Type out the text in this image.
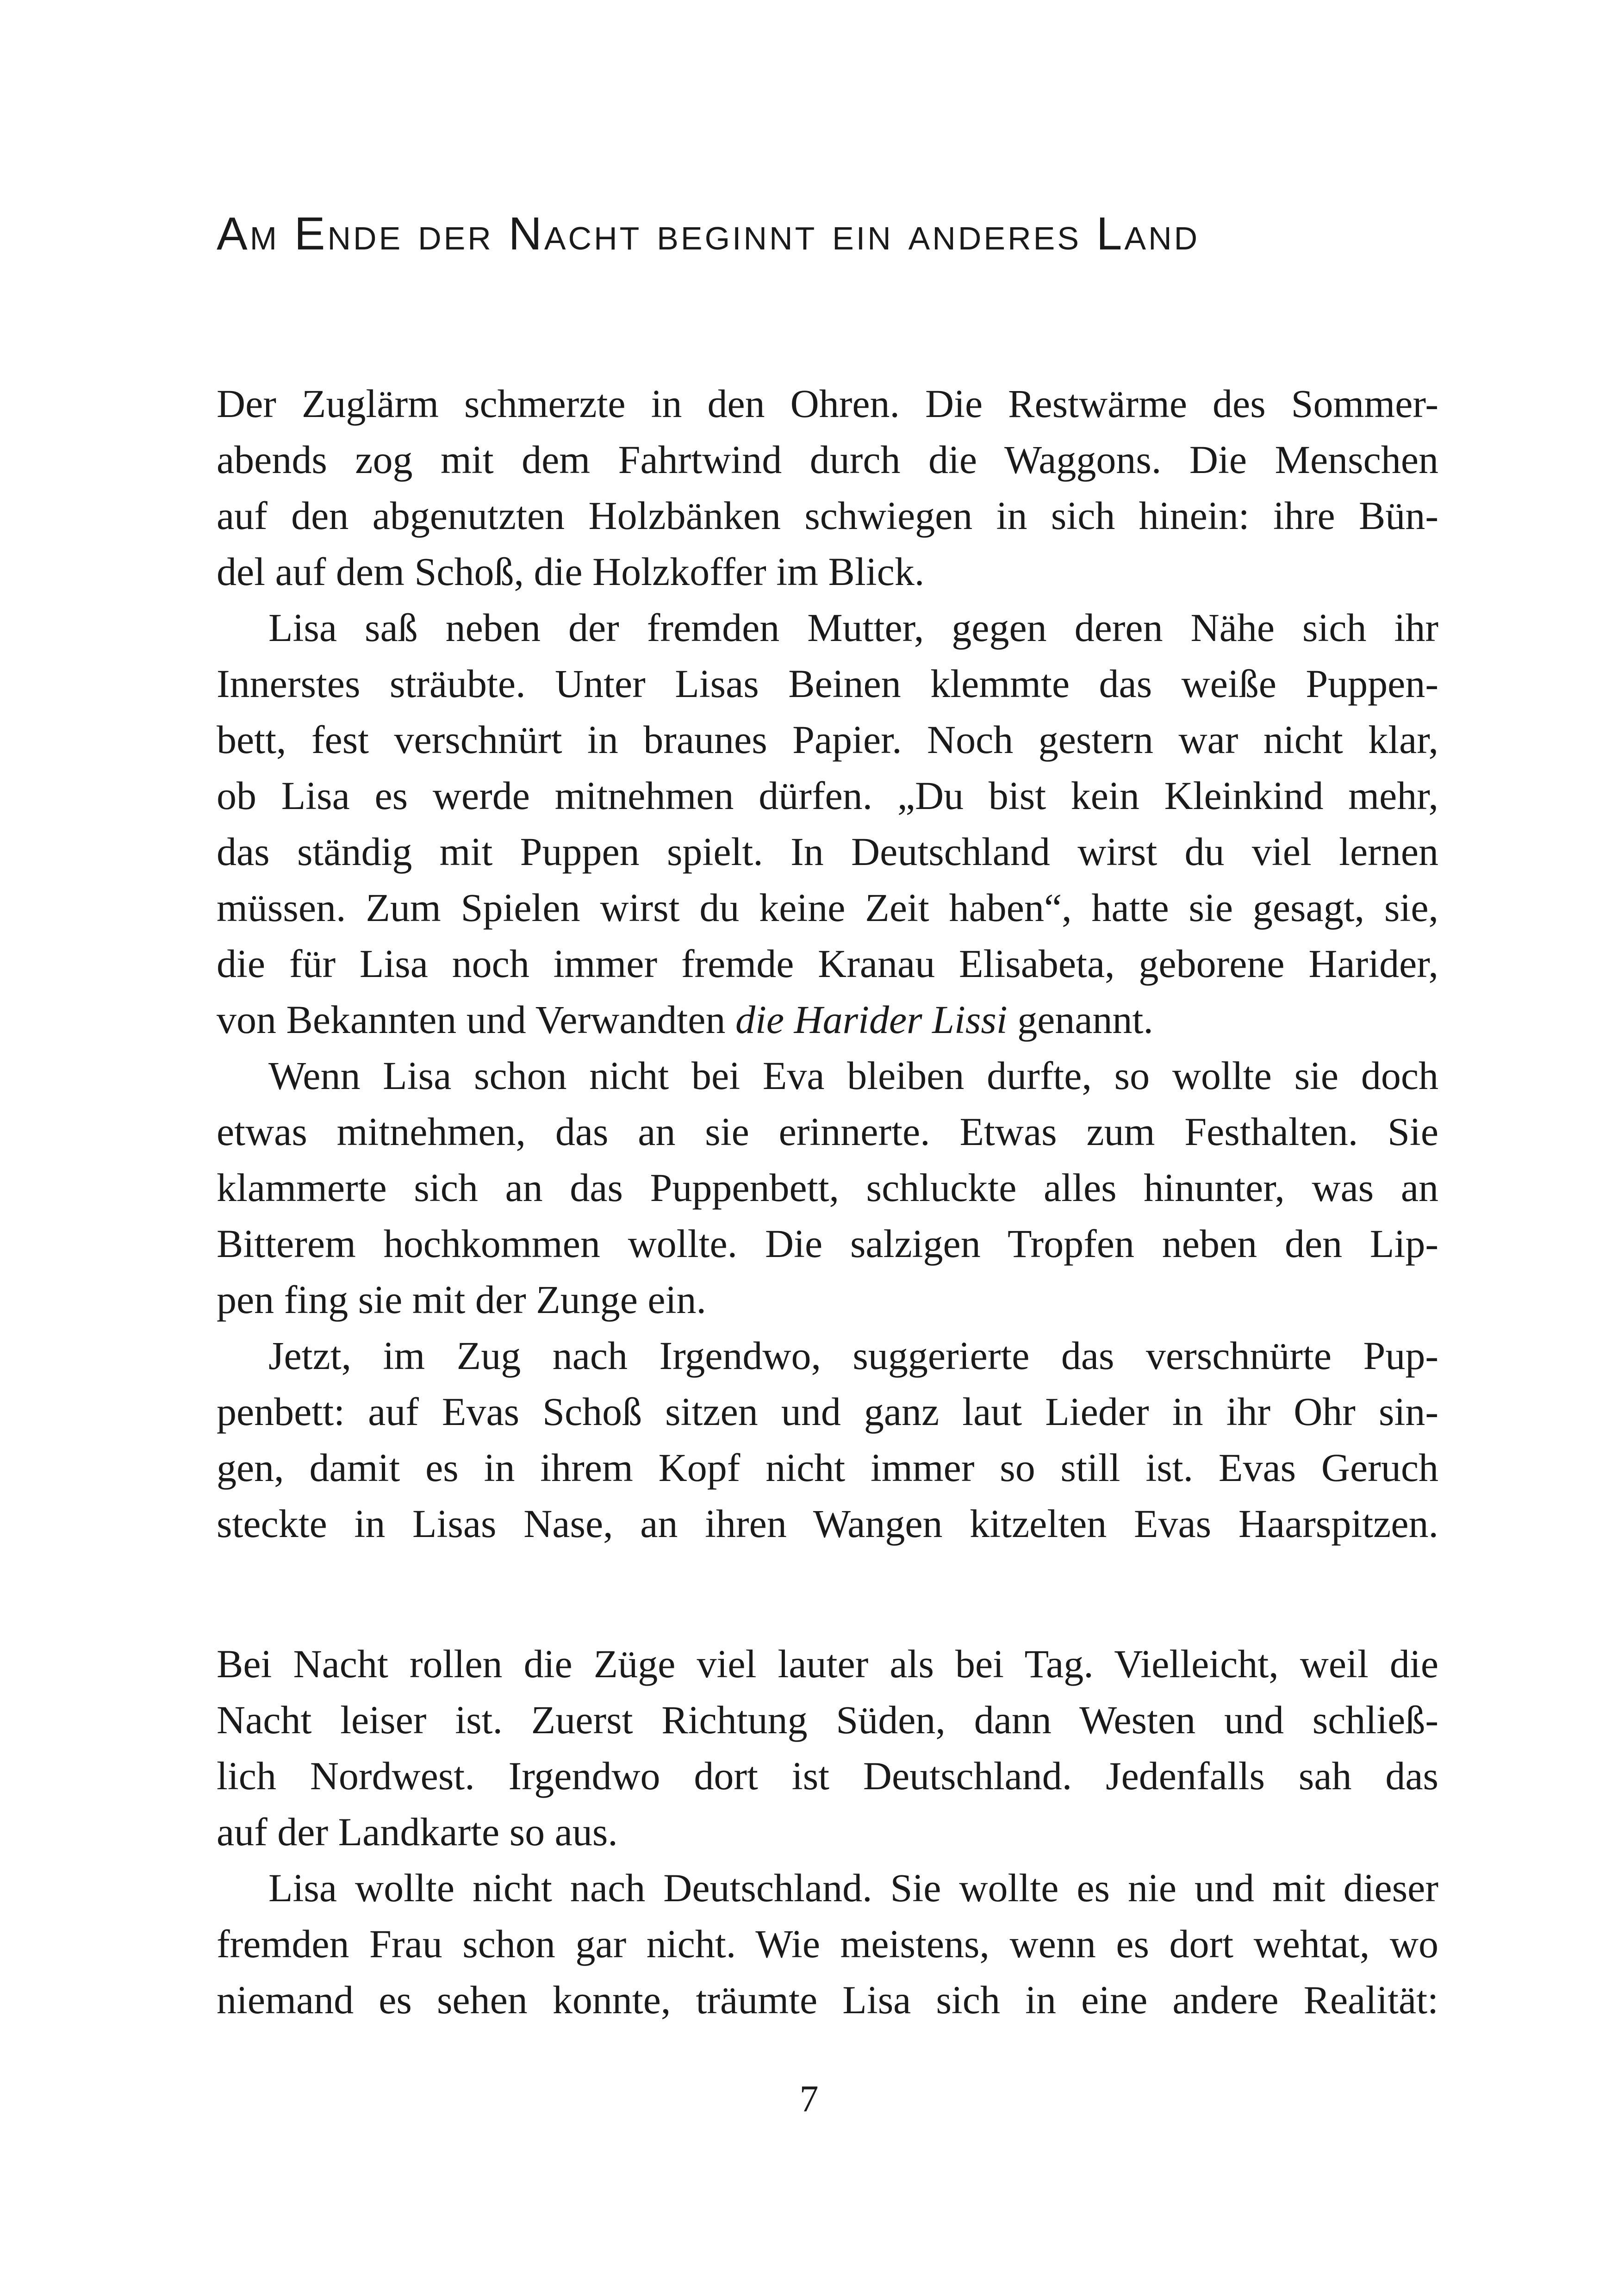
Am Ende der Nacht beginnt ein anderes Land
Der Zuglärm schmerzte in den Ohren. Die Restwärme des Sommer-
abends zog mit dem Fahrtwind durch die Waggons. Die Menschen
auf den abgenutzten Holzbänken schwiegen in sich hinein: ihre Bün-
del auf dem Schoß, die Holzkoffer im Blick.
Lisa saß neben der fremden Mutter, gegen deren Nähe sich ihr
Innerstes sträubte. Unter Lisas Beinen klemmte das weiße Puppen-
bett, fest verschnürt in braunes Papier. Noch gestern war nicht klar,
ob Lisa es werde mitnehmen dürfen. „Du bist kein Kleinkind mehr,
das ständig mit Puppen spielt. In Deutschland wirst du viel lernen
müssen. Zum Spielen wirst du keine Zeit haben“, hatte sie gesagt, sie,
die für Lisa noch immer fremde Kranau Elisabeta, geborene Harider,
von Bekannten und Verwandten die Harider Lissi genannt.
Wenn Lisa schon nicht bei Eva bleiben durfte, so wollte sie doch
etwas mitnehmen, das an sie erinnerte. Etwas zum Festhalten. Sie
klammerte sich an das Puppenbett, schluckte alles hinunter, was an
Bitterem hochkommen wollte. Die salzigen Tropfen neben den Lip-
pen fing sie mit der Zunge ein.
Jetzt, im Zug nach Irgendwo, suggerierte das verschnürte Pup-
penbett: auf Evas Schoß sitzen und ganz laut Lieder in ihr Ohr sin-
gen, damit es in ihrem Kopf nicht immer so still ist. Evas Geruch
steckte in Lisas Nase, an ihren Wangen kitzelten Evas Haarspitzen.
Bei Nacht rollen die Züge viel lauter als bei Tag. Vielleicht, weil die
Nacht leiser ist. Zuerst Richtung Süden, dann Westen und schließ-
lich Nordwest. Irgendwo dort ist Deutschland. Jedenfalls sah das
auf der Landkarte so aus.
Lisa wollte nicht nach Deutschland. Sie wollte es nie und mit dieser
fremden Frau schon gar nicht. Wie meistens, wenn es dort wehtat, wo
niemand es sehen konnte, träumte Lisa sich in eine andere Realität:
7
